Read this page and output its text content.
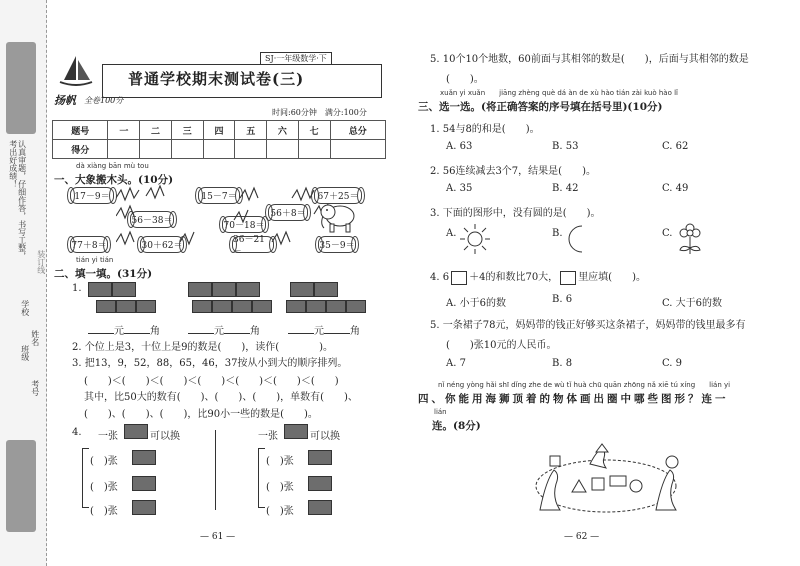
认真审题，仔细作答，书写工整，考出好成绩！
学校
班级
姓名
考号
装订线
扬帆 全卷100分
SJ·一年级数学·下
普通学校期末测试卷(三)
时间:60分钟　满分:100分
题号	一	二	三	四	五	六	七	总分
得分								
dà xiàng bān mù tou
一、大象搬木头。(10分)
17－9＝	15－7＝	67＋25＝
56－38＝	70－18＝
56＋8＝
77＋8＝	30＋62＝
36－21＝
35－9＝
tián yi tián
二、填一填。(31分)
1.
元	角	元	角	元	角
2. 个位上是3，十位上是9的数是(　　)，读作(　　　　)。
3. 把13，9，52，88，65，46，37按从小到大的顺序排列。
(　　)＜(　　)＜(　　)＜(　　)＜(　　)＜(　　)＜(　　)
其中，比50大的数有(　　)、(　　)、(　　)，单数有(　　)、
(　　)、(　　)、(　　)，比90小一些的数是(　　)。
4. 一张	可以换
(　)张
(　)张
(　)张
一张	可以换
(　)张
(　)张
(　)张
— 61 —
5. 10个10个地数，60前面与其相邻的数是(　　)，后面与其相邻的数是
(　　)。
xuǎn yi xuǎn　　jiāng zhèng què dá àn de xù hào tián zài kuò hào lǐ
三、选一选。(将正确答案的序号填在括号里)(10分)
1. 54与8的和是(　　)。
A. 63	B. 53	C. 62
2. 56连续减去3个7，结果是(　　)。
A. 35	B. 42	C. 49
3. 下面的图形中，没有圆的是(　　)。
A.	B.	C.
4. 6 ＋4的和数比70大， 里应填(　　)。
A. 小于6的数	B. 6	C. 大于6的数
5. 一条裙子78元，妈妈带的钱正好够买这条裙子，妈妈带的钱里最多有
(　　)张10元的人民币。
A. 7	B. 8	C. 9
nǐ néng yòng hǎi shī dǐng zhe de wù tǐ huà chū quān zhōng nǎ xiē tú xíng　　lián yi
四、你能用海狮顶着的物体画出圈中哪些图形？连一
lián
连。(8分)
— 62 —
